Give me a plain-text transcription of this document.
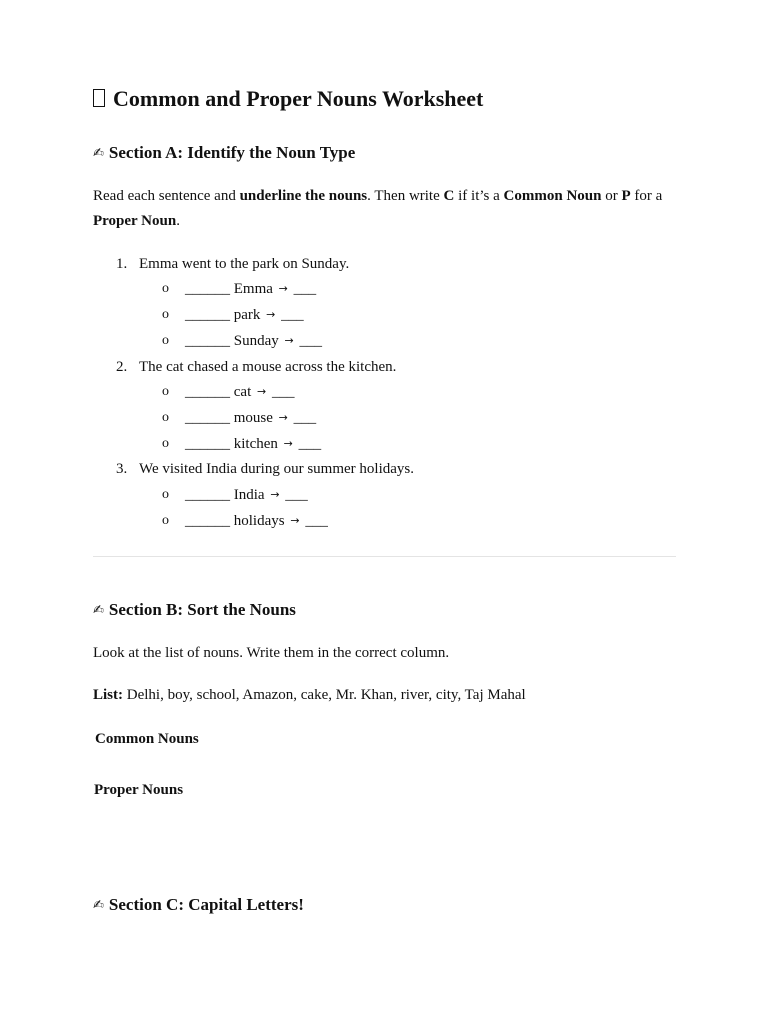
Common and Proper Nouns Worksheet
✍ Section A: Identify the Noun Type

Read each sentence and underline the nouns. Then write C if it’s a Common Noun or P for a Proper Noun.

1. Emma went to the park on Sunday.
o ______ Emma → ___
o ______ park → ___
o ______ Sunday → ___
2. The cat chased a mouse across the kitchen.
o ______ cat → ___
o ______ mouse → ___
o ______ kitchen → ___
3. We visited India during our summer holidays.
o ______ India → ___
o ______ holidays → ___
✍ Section B: Sort the Nouns

Look at the list of nouns. Write them in the correct column.

List: Delhi, boy, school, Amazon, cake, Mr. Khan, river, city, Taj Mahal

Common Nouns
Proper Nouns
✍ Section C: Capital Letters!
